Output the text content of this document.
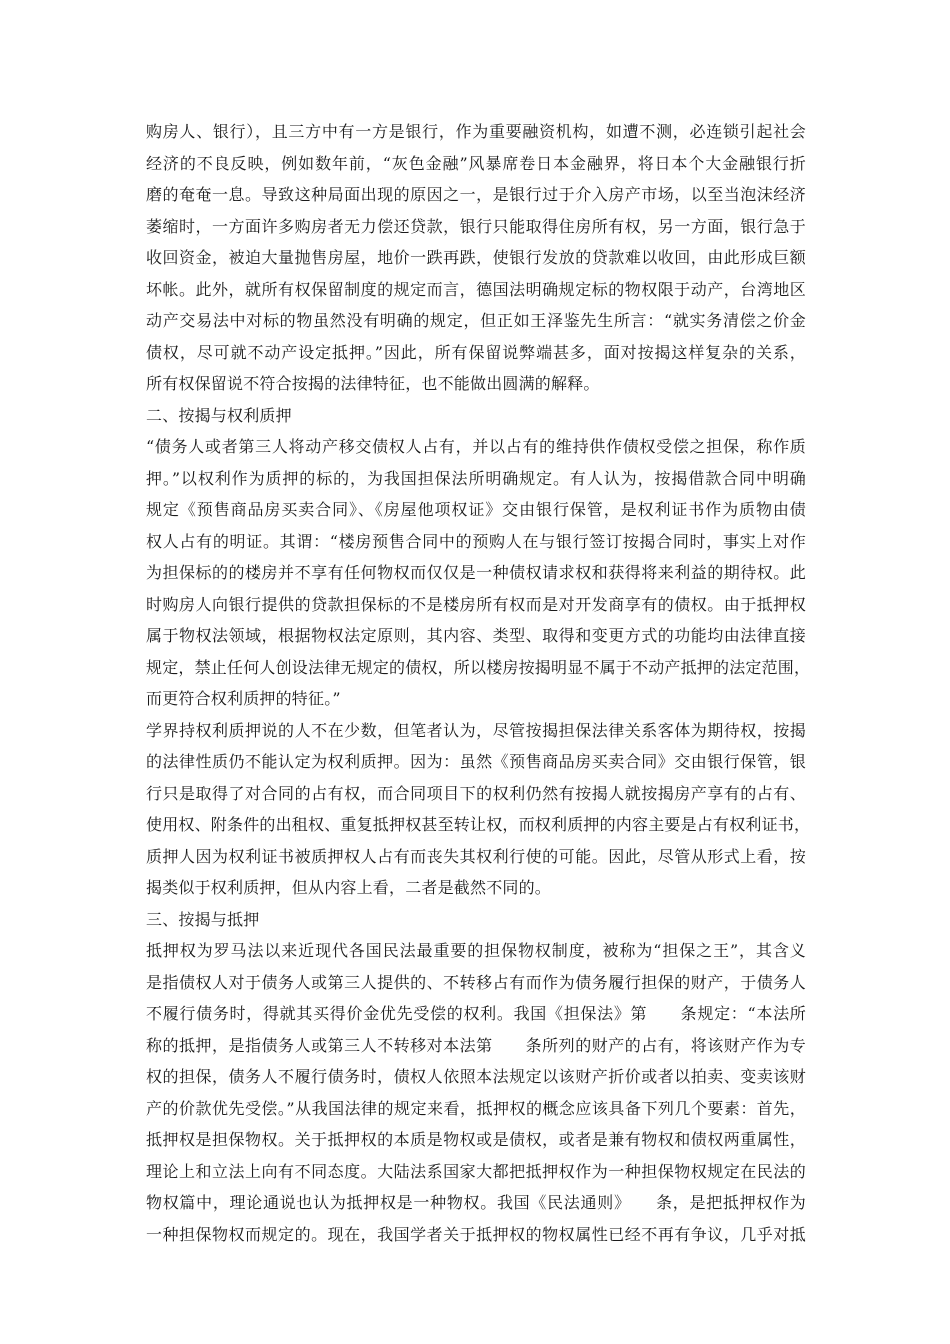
购房人、银行），且三方中有一方是银行，作为重要融资机构，如遭不测，必连锁引起社会
经济的不良反映，例如数年前，“灰色金融”风暴席卷日本金融界，将日本个大金融银行折
磨的奄奄一息。导致这种局面出现的原因之一，是银行过于介入房产市场，以至当泡沫经济
萎缩时，一方面许多购房者无力偿还贷款，银行只能取得住房所有权，另一方面，银行急于
收回资金，被迫大量抛售房屋，地价一跌再跌，使银行发放的贷款难以收回，由此形成巨额
坏帐。此外，就所有权保留制度的规定而言，德国法明确规定标的物权限于动产，台湾地区
动产交易法中对标的物虽然没有明确的规定，但正如王泽鉴先生所言：“就实务清偿之价金
债权，尽可就不动产设定抵押。”因此，所有保留说弊端甚多，面对按揭这样复杂的关系，
所有权保留说不符合按揭的法律特征，也不能做出圆满的解释。
二、按揭与权利质押
“债务人或者第三人将动产移交债权人占有，并以占有的维持供作债权受偿之担保，称作质
押。”以权利作为质押的标的，为我国担保法所明确规定。有人认为，按揭借款合同中明确
规定《预售商品房买卖合同》、《房屋他项权证》交由银行保管，是权利证书作为质物由债
权人占有的明证。其谓：“楼房预售合同中的预购人在与银行签订按揭合同时，事实上对作
为担保标的的楼房并不享有任何物权而仅仅是一种债权请求权和获得将来利益的期待权。此
时购房人向银行提供的贷款担保标的不是楼房所有权而是对开发商享有的债权。由于抵押权
属于物权法领域，根据物权法定原则，其内容、类型、取得和变更方式的功能均由法律直接
规定，禁止任何人创设法律无规定的债权，所以楼房按揭明显不属于不动产抵押的法定范围，
而更符合权利质押的特征。”
学界持权利质押说的人不在少数，但笔者认为，尽管按揭担保法律关系客体为期待权，按揭
的法律性质仍不能认定为权利质押。因为：虽然《预售商品房买卖合同》交由银行保管，银
行只是取得了对合同的占有权，而合同项目下的权利仍然有按揭人就按揭房产享有的占有、
使用权、附条件的出租权、重复抵押权甚至转让权，而权利质押的内容主要是占有权利证书，
质押人因为权利证书被质押权人占有而丧失其权利行使的可能。因此，尽管从形式上看，按
揭类似于权利质押，但从内容上看，二者是截然不同的。
三、按揭与抵押
抵押权为罗马法以来近现代各国民法最重要的担保物权制度，被称为“担保之王”，其含义
是指债权人对于债务人或第三人提供的、不转移占有而作为债务履行担保的财产，于债务人
不履行债务时，得就其买得价金优先受偿的权利。我国《担保法》第　　条规定：“本法所
称的抵押，是指债务人或第三人不转移对本法第　　条所列的财产的占有，将该财产作为专
权的担保，债务人不履行债务时，债权人依照本法规定以该财产折价或者以拍卖、变卖该财
产的价款优先受偿。”从我国法律的规定来看，抵押权的概念应该具备下列几个要素：首先，
抵押权是担保物权。关于抵押权的本质是物权或是债权，或者是兼有物权和债权两重属性，
理论上和立法上向有不同态度。大陆法系国家大都把抵押权作为一种担保物权规定在民法的
物权篇中，理论通说也认为抵押权是一种物权。我国《民法通则》　　条，是把抵押权作为
一种担保物权而规定的。现在，我国学者关于抵押权的物权属性已经不再有争议，几乎对抵
